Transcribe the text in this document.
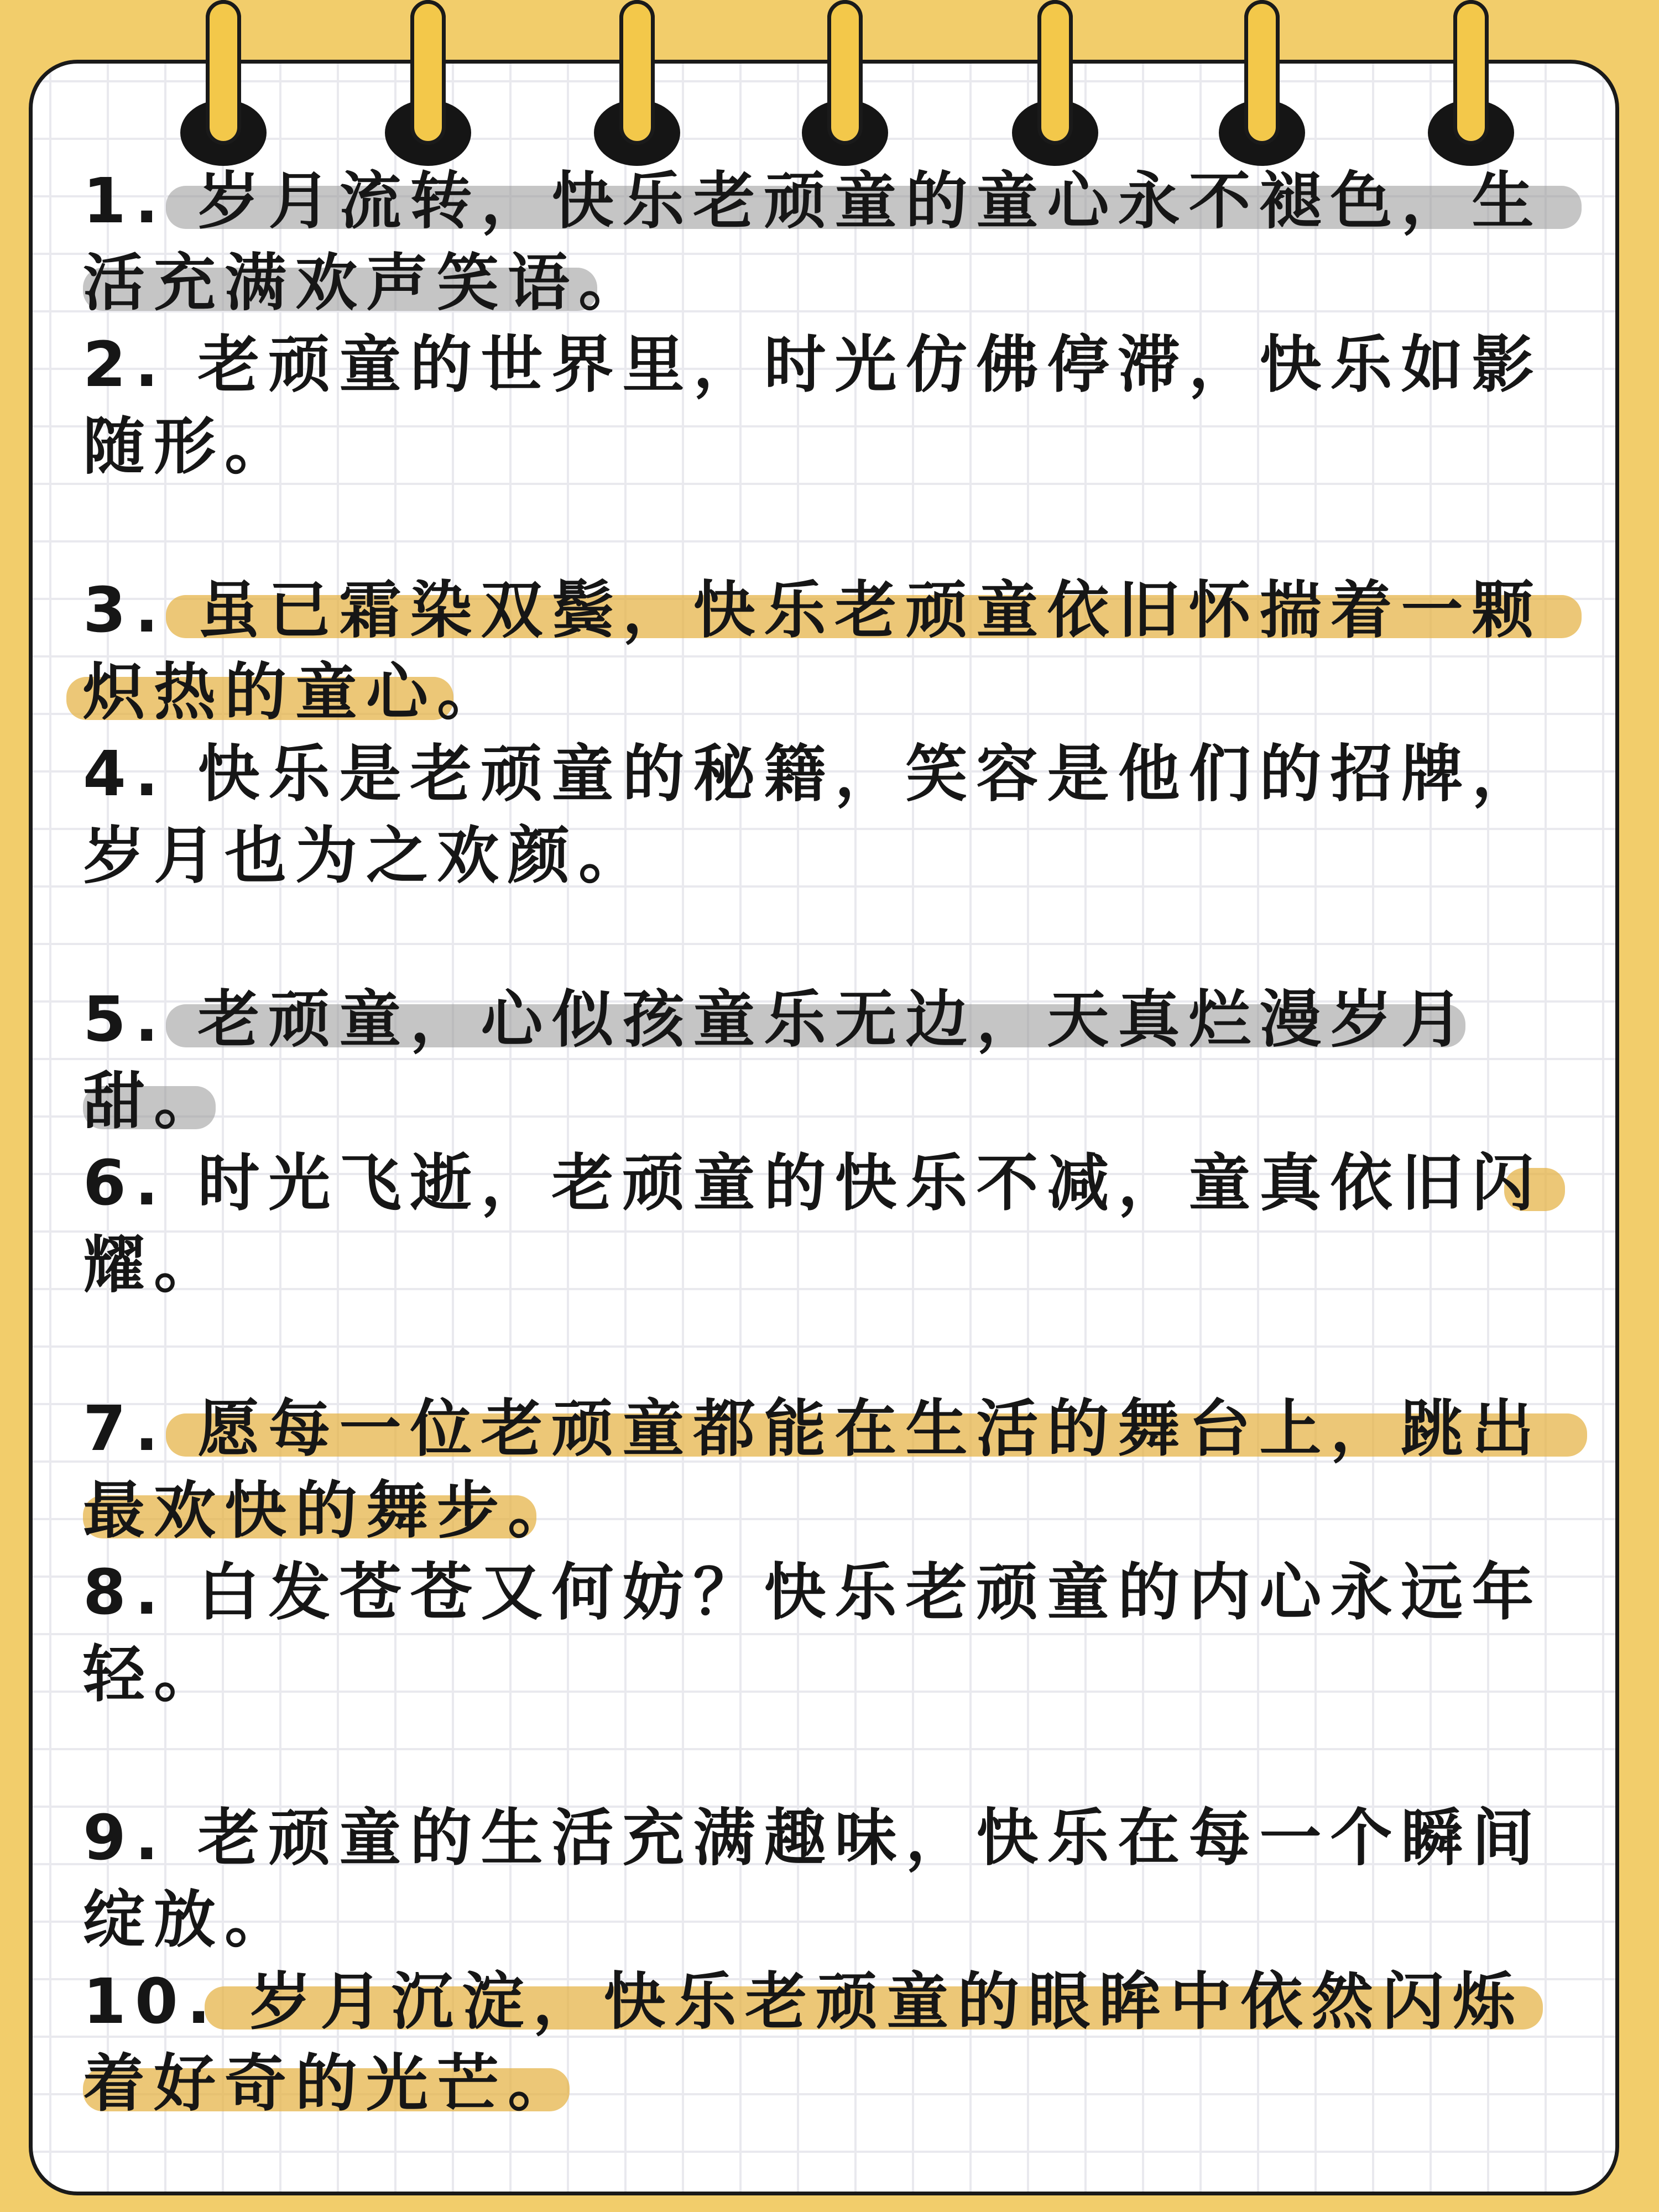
1. 岁月流转，快乐老顽童的童心永不褪色，生
活充满欢声笑语。
2. 老顽童的世界里，时光仿佛停滞，快乐如影
随形。
3. 虽已霜染双鬓，快乐老顽童依旧怀揣着一颗
炽热的童心。
4. 快乐是老顽童的秘籍，笑容是他们的招牌，
岁月也为之欢颜。
5. 老顽童，心似孩童乐无边，天真烂漫岁月
甜。
6. 时光飞逝，老顽童的快乐不减，童真依旧闪
耀。
7. 愿每一位老顽童都能在生活的舞台上，跳出
最欢快的舞步。
8. 白发苍苍又何妨？快乐老顽童的内心永远年
轻。
9. 老顽童的生活充满趣味，快乐在每一个瞬间
绽放。
10. 岁月沉淀，快乐老顽童的眼眸中依然闪烁
着好奇的光芒。
